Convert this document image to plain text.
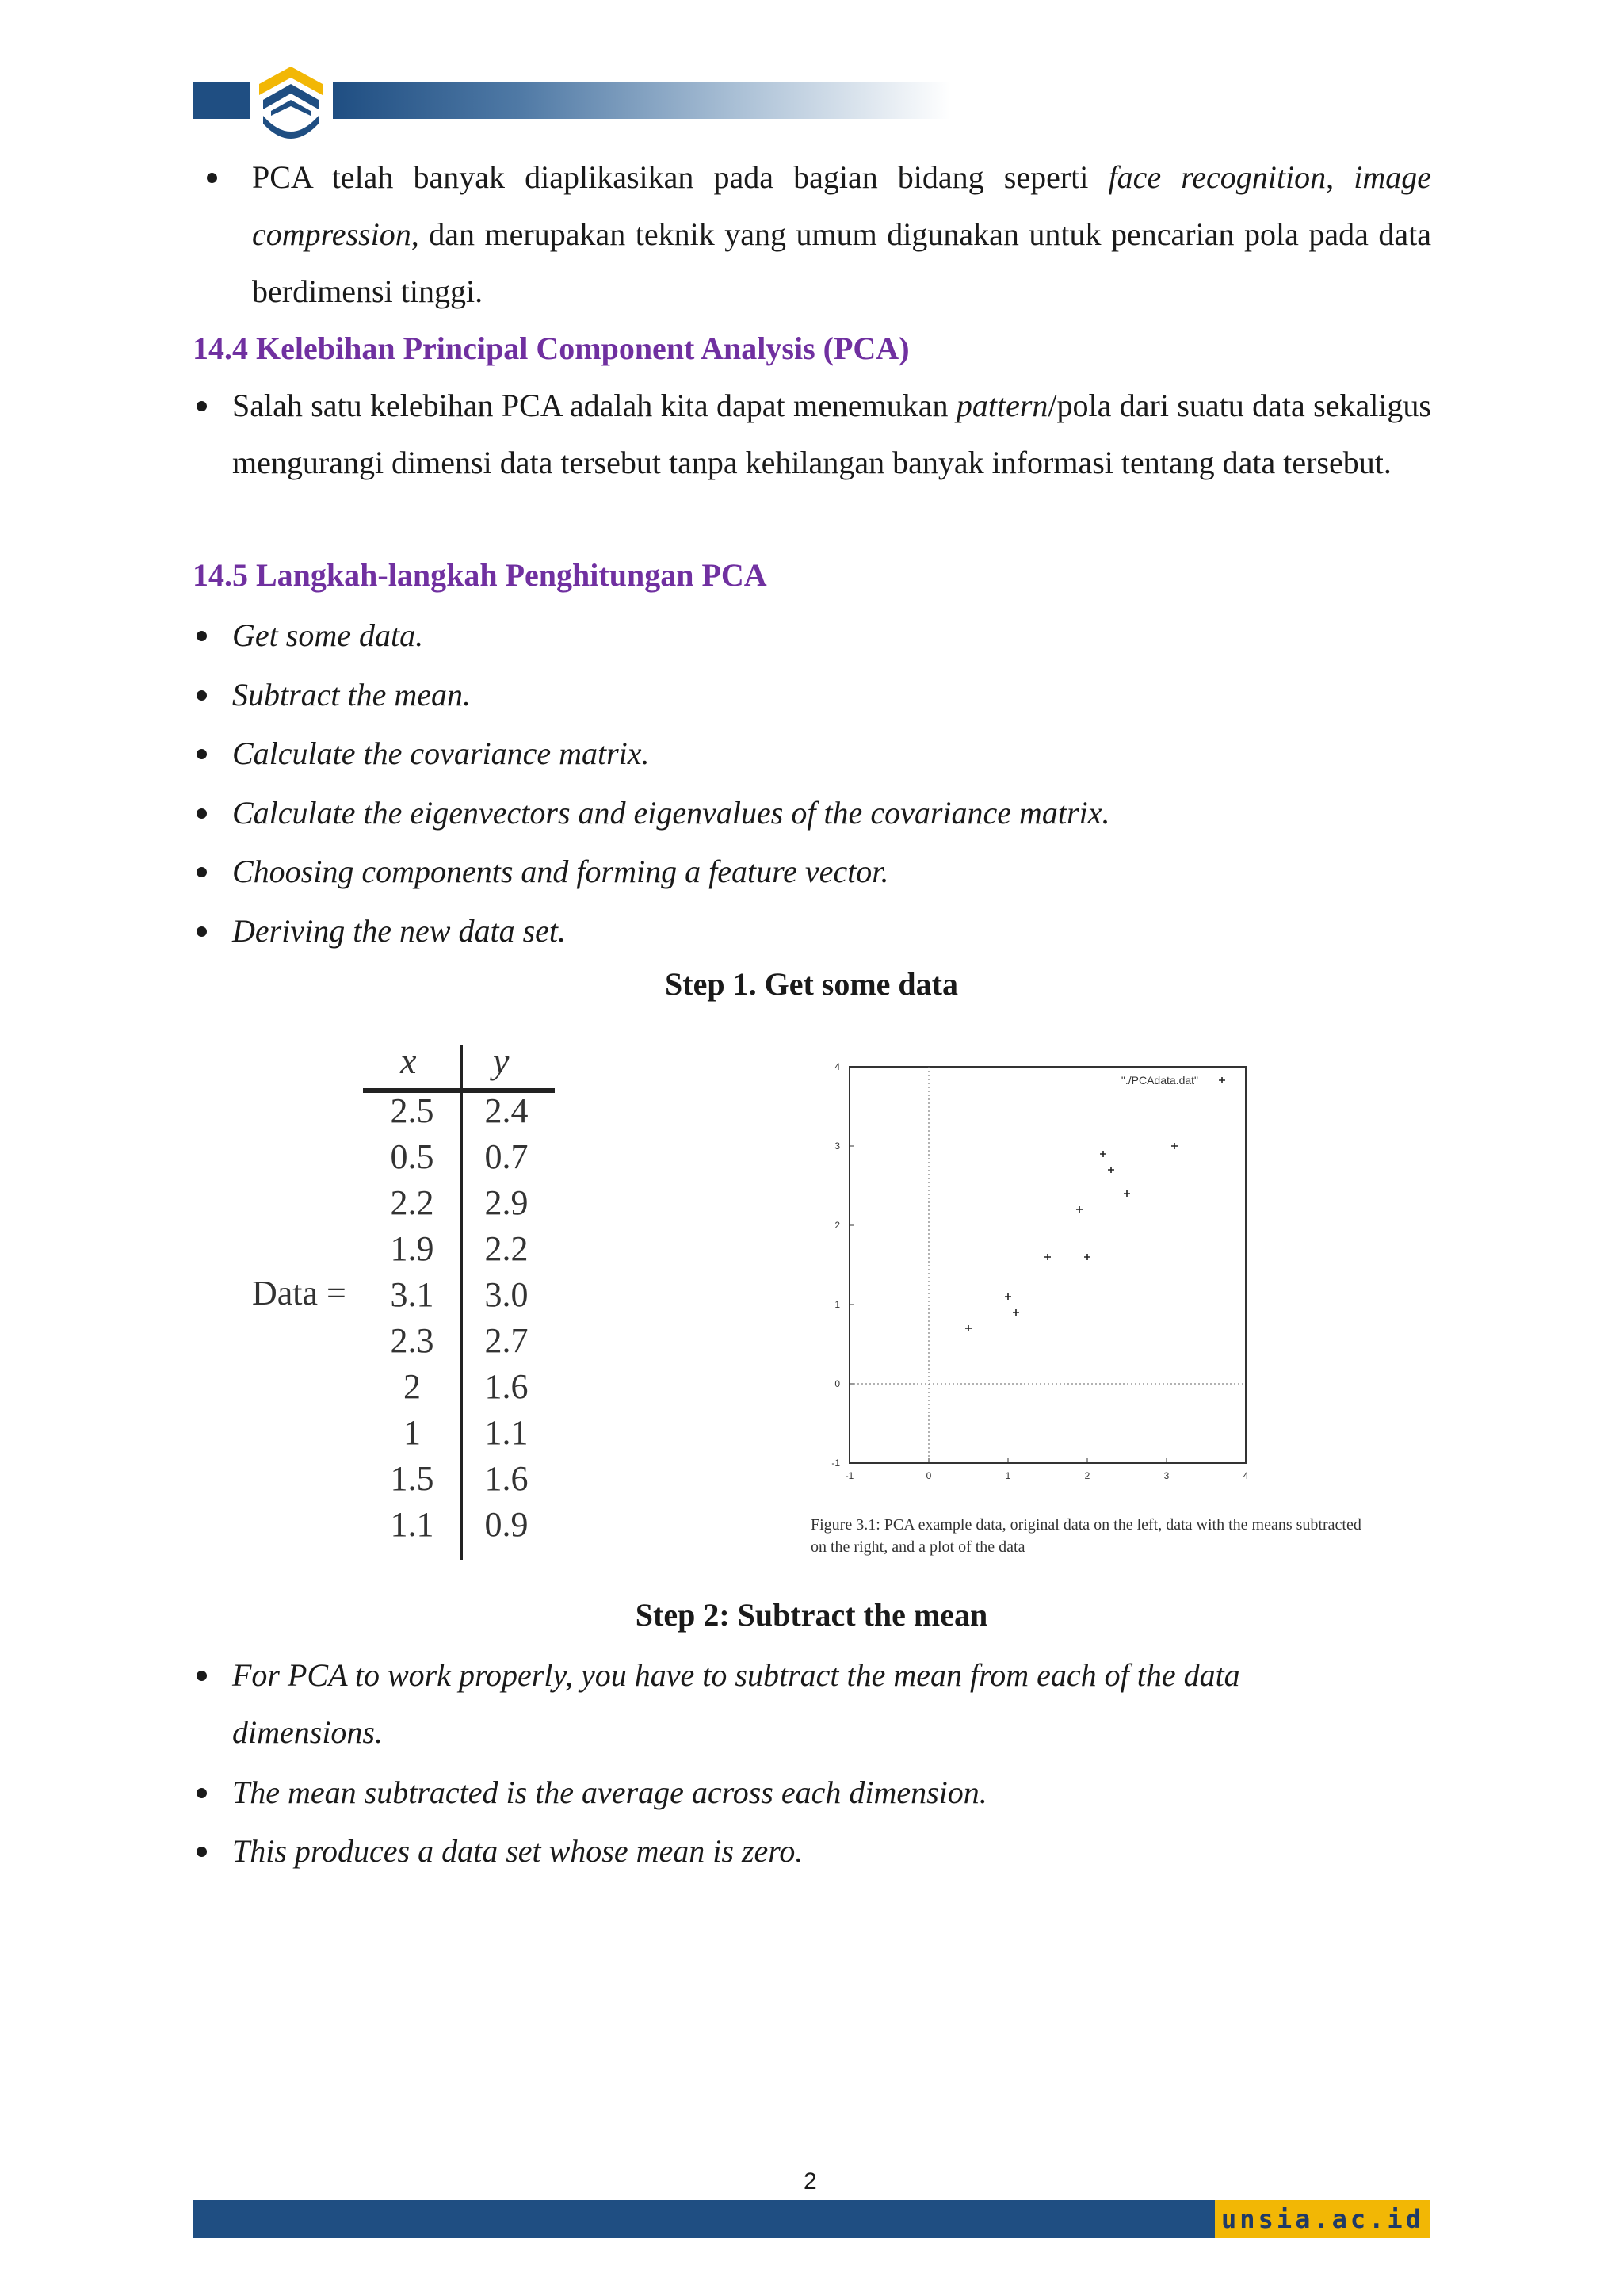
PCA telah banyak diaplikasikan pada bagian bidang seperti face recognition, image compression, dan merupakan teknik yang umum digunakan untuk pencarian pola pada data berdimensi tinggi.

14.4 Kelebihan Principal Component Analysis (PCA)

Salah satu kelebihan PCA adalah kita dapat menemukan pattern/pola dari suatu data sekaligus mengurangi dimensi data tersebut tanpa kehilangan banyak informasi tentang data tersebut.

14.5 Langkah-langkah Penghitungan PCA

Get some data.

Subtract the mean.

Calculate the covariance matrix.

Calculate the eigenvectors and eigenvalues of the covariance matrix.

Choosing components and forming a feature vector.

Deriving the new data set.

Step 1. Get some data

Data =
x y
2.5 2.4
0.5 0.7
2.2 2.9
1.9 2.2
3.1 3.0
2.3 2.7
2	1.6
1	1.1
1.5 1.6
1.1 0.9
-1	0	1	2	3	4
-1
0
1
2
3
4
"./PCAdata.dat"
Figure 3.1: PCA example data, original data on the left, data with the means subtracted
on the right, and a plot of the data

Step 2: Subtract the mean

For PCA to work properly, you have to subtract the mean from each of the data dimensions.

The mean subtracted is the average across each dimension.

This produces a data set whose mean is zero.

2
unsia.ac.id
